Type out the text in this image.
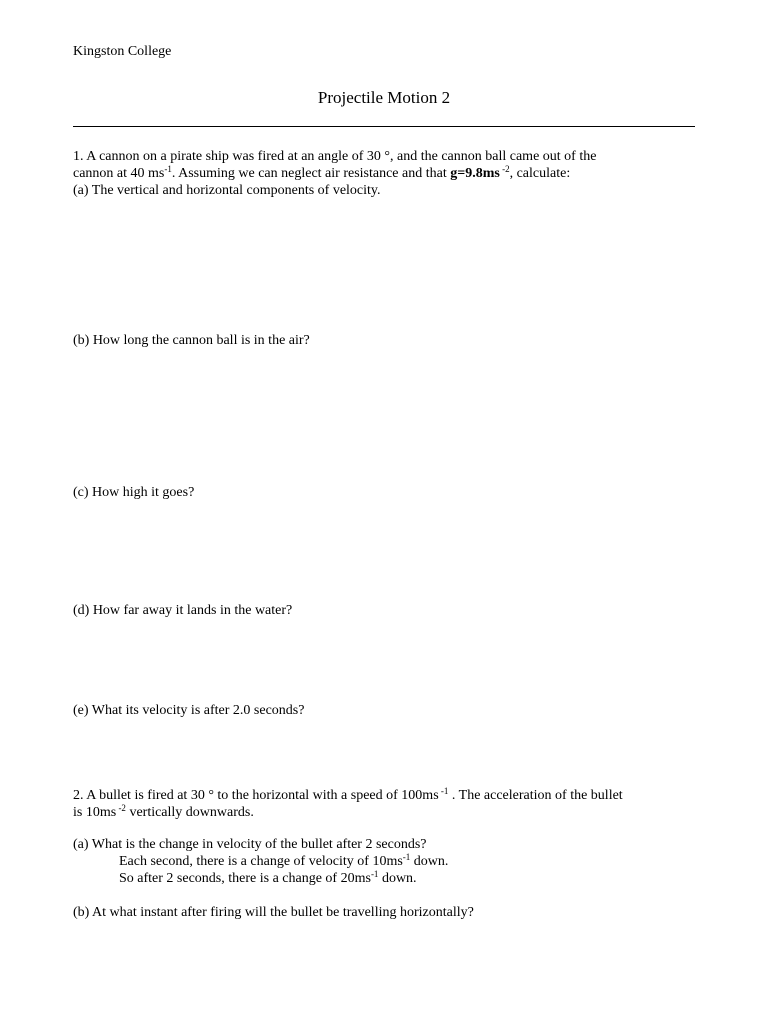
Kingston College
Projectile Motion 2
1. A cannon on a pirate ship was fired at an angle of 30 °, and the cannon ball came out of the
cannon at 40 $ms^{-1}$. Assuming we can neglect air resistance and that g=9.8ms $^{-2}$, calculate:
(a) The vertical and horizontal components of velocity.
(b) How long the cannon ball is in the air?
(c) How high it goes?
(d) How far away it lands in the water?
(e) What its velocity is after 2.0 seconds?
2. A bullet is fired at 30 ° to the horizontal with a speed of 100ms $^{-1}$ . The acceleration of the bullet
is 10ms $^{-2}$ vertically downwards.
(a) What is the change in velocity of the bullet after 2 seconds?
Each second, there is a change of velocity of $10ms^{-1}$ down.
So after 2 seconds, there is a change of $20ms^{-1}$ down.
(b) At what instant after firing will the bullet be travelling horizontally?
